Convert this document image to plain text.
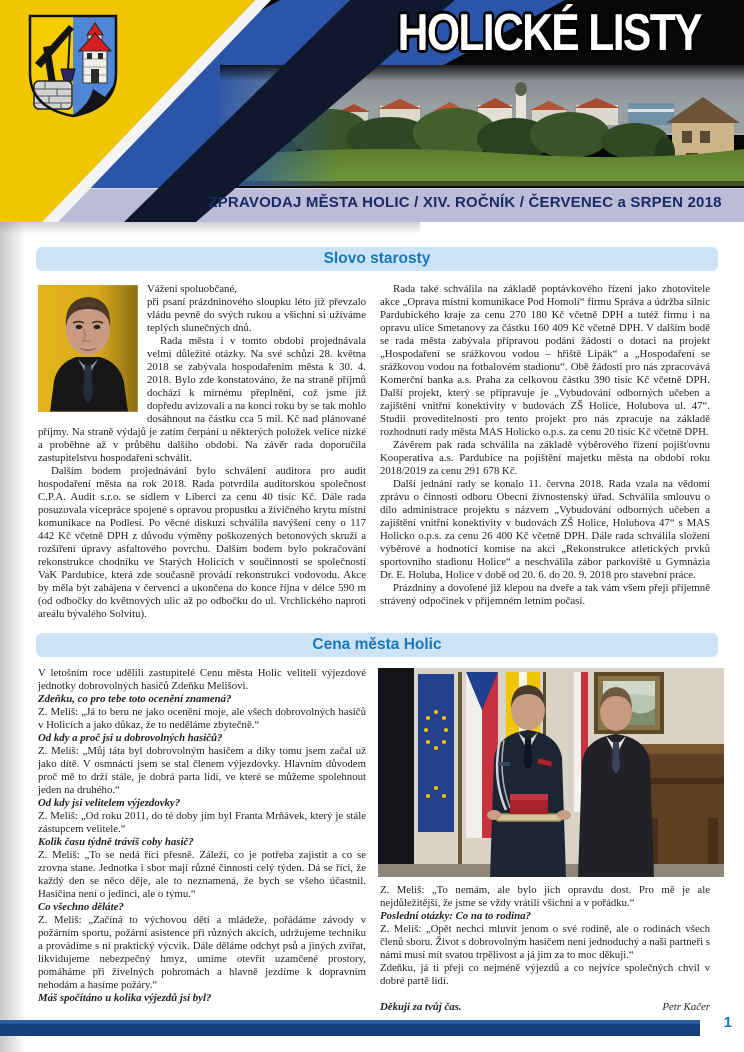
HOLICKÉ LISTY
ZPRAVODAJ MĚSTA HOLIC / XIV. ROČNÍK / ČERVENEC a SRPEN 2018
Slovo starosty

Vážení spoluobčané,

při psaní prázdninového sloupku léto již převzalo vládu pevně do svých rukou a všichni si užíváme teplých slunečných dnů.

Rada města i v tomto období projednávala velmi důležité otázky. Na své schůzi 28. května 2018 se zabývala hospodařením města k 30. 4. 2018. Bylo zde konstatováno, že na straně příjmů dochází k mírnému přeplnění, což jsme již dopředu avizovali a na konci roku by se tak mohlo dosáhnout na částku cca 5 mil. Kč nad plánované příjmy. Na straně výdajů je zatím čerpání u některých položek velice nízké a proběhne až v průběhu dalšího období. Na závěr rada doporučila zastupitelstvu hospodaření schválit.

Dalším bodem projednávání bylo schválení auditora pro audit hospodaření města na rok 2018. Rada potvrdila auditorskou společnost C.P.A. Audit s.r.o. se sídlem v Liberci za cenu 40 tisíc Kč. Dále rada posuzovala vícepráce spojené s opravou propustku a živičného krytu místní komunikace na Podlesí. Po věcné diskuzi schválila navýšení ceny o 117 442 Kč včetně DPH z důvodu výměny poškozených betonových skruží a rozšíření úpravy asfaltového povrchu. Dalším bodem bylo pokračování rekonstrukce chodníku ve Starých Holicích v součinnosti se společností VaK Pardubice, která zde současně provádí rekonstrukci vodovodu. Akce by měla být zahájena v červenci a ukončena do konce října v délce 590 m (od odbočky do květnových ulic až po odbočku do ul. Vrchlického naproti areálu bývalého Solvitu).

Rada také schválila na základě poptávkového řízení jako zhotovitele akce „Oprava místní komunikace Pod Homolí“ firmu Správa a údržba silnic Pardubického kraje za cenu 270 180 Kč včetně DPH a tutéž firmu i na opravu ulice Smetanovy za částku 160 409 Kč včetně DPH. V dalším bodě se rada města zabývala přípravou podání žádostí o dotaci na projekt „Hospodaření se srážkovou vodou – hřiště Lipák“ a „Hospodaření se srážkovou vodou na fotbalovém stadionu“. Obě žádosti pro nás zpracovává Komerční banka a.s. Praha za celkovou částku 390 tisíc Kč včetně DPH. Další projekt, který se připravuje je „Vybudování odborných učeben a zajištění vnitřní konektivity v budovách ZŠ Holice, Holubova ul. 47“. Studii proveditelnosti pro tento projekt pro nás zpracuje na základě rozhodnutí rady města MAS Holicko o.p.s. za cenu 20 tisíc Kč včetně DPH.

Závěrem pak rada schválila na základě výběrového řízení pojišťovnu Kooperativa a.s. Pardubice na pojištění majetku města na období roku 2018/2019 za cenu 291 678 Kč.

Další jednání rady se konalo 11. června 2018. Rada vzala na vědomí zprávu o činnosti odboru Obecní živnostenský úřad. Schválila smlouvu o dílo administrace projektu s názvem „Vybudování odborných učeben a zajištění vnitřní konektivity v budovách ZŠ Holice, Holubova 47“ s MAS Holicko o.p.s. za cenu 26 400 Kč včetně DPH. Dále rada schválila složení výběrové a hodnotící komise na akci „Rekonstrukce atletických prvků sportovního stadionu Holice“ a neschválila zábor parkoviště u Gymnázia Dr. E. Holuba, Holice v době od 20. 6. do 20. 9. 2018 pro stavební práce.

Prázdniny a dovolené již klepou na dveře a tak vám všem přeji příjemně strávený odpočinek v příjemném letním počasí.

Cena města Holic

V letošním roce udělili zastupitelé Cenu města Holic veliteli výjezdové jednotky dobrovolných hasičů Zdeňku Melišovi.

Zdeňku, co pro tebe toto ocenění znamená?

Z. Meliš: „Já to beru ne jako ocenění moje, ale všech dobrovolných hasičů v Holicích a jako důkaz, že to neděláme zbytečně.“

Od kdy a proč jsi u dobrovolných hasičů?

Z. Meliš: „Můj táta byl dobrovolným hasičem a díky tomu jsem začal už jako dítě. V osmnácti jsem se stal členem výjezdovky. Hlavním důvodem proč mě to drží stále, je dobrá parta lidí, ve které se můžeme spolehnout jeden na druhého.“

Od kdy jsi velitelem výjezdovky?

Z. Meliš: „Od roku 2011, do té doby jím byl Franta Mrňávek, který je stále zástupcem velitele.“

Kolik času týdně trávíš coby hasič?

Z. Meliš: „To se nedá říci přesně. Záleží, co je potřeba zajistit a co se zrovna stane. Jednotka i sbor mají různé činnosti celý týden. Dá se říci, že každý den se něco děje, ale to neznamená, že bych se všeho účastnil. Hasičina není o jedinci, ale o týmu.“

Co všechno děláte?

Z. Meliš: „Začíná to výchovou dětí a mládeže, pořádáme závody v požárním sportu, požární asistence při různých akcích, udržujeme techniku a provádíme s ní praktický výcvik. Dále děláme odchyt psů a jiných zvířat, likvidujeme nebezpečný hmyz, umíme otevřít uzamčené prostory, pomáháme při živelných pohromách a hlavně jezdíme k dopravním nehodám a hasíme požáry.“

Máš spočítáno u kolika výjezdů jsi byl?

Z. Meliš: „To nemám, ale bylo jich opravdu dost. Pro mě je ale nejdůležitější, že jsme se vždy vrátili všichni a v pořádku.“

Poslední otázky: Co na to rodina?

Z. Meliš: „Opět nechci mluvit jenom o své rodině, ale o rodinách všech členů sboru. Život s dobrovolným hasičem není jednoduchý a naši partneři s námi musí mít svatou trpělivost a já jim za to moc děkuji.“

Zdeňku, já ti přeji co nejméně výjezdů a co nejvíce společných chvil v dobré partě lidí.

Děkuji za tvůj čas.	Petr Kačer
1
